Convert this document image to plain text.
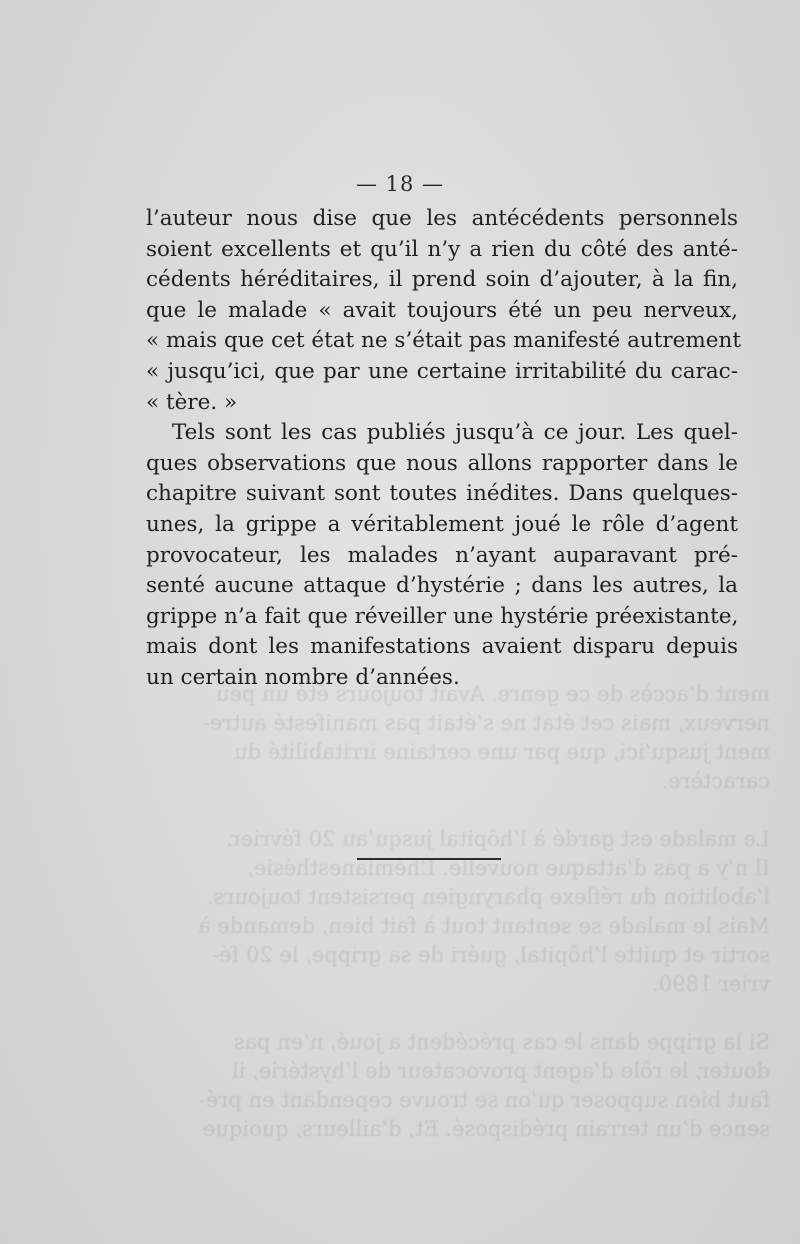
ment d’accès de ce genre. Avait toujours été un peu
nerveux, mais cet état ne s’était pas manifesté autre-
ment jusqu’ici, que par une certaine irritabilité du
caractère.

Le malade est gardé à l’hôpital jusqu’au 20 février.
Il n’y a pas d’attaque nouvelle. L’hémianesthésie,
l’abolition du réflexe pharyngien persistent toujours.
Mais le malade se sentant tout à fait bien, demande à
sortir et quitte l’hôpital, guéri de sa grippe, le 20 fé-
vrier 1890.

Si la grippe dans le cas précédent a joué, n’en pas
douter, le rôle d’agent provocateur de l’hystérie, il
faut bien supposer qu’on se trouve cependant en pré-
sence d’un terrain prédisposé. Et, d’ailleurs, quoique
— 18 —
l’auteur nous dise que les antécédents personnels
soient excellents et qu’il n’y a rien du côté des anté-
cédents héréditaires, il prend soin d’ajouter, à la fin,
que le malade « avait toujours été un peu nerveux,
« mais que cet état ne s’était pas manifesté autrement
« jusqu’ici, que par une certaine irritabilité du carac-
« tère. »
Tels sont les cas publiés jusqu’à ce jour. Les quel-
ques observations que nous allons rapporter dans le
chapitre suivant sont toutes inédites. Dans quelques-
unes, la grippe a véritablement joué le rôle d’agent
provocateur, les malades n’ayant auparavant pré-
senté aucune attaque d’hystérie ; dans les autres, la
grippe n’a fait que réveiller une hystérie préexistante,
mais dont les manifestations avaient disparu depuis
un certain nombre d’années.
